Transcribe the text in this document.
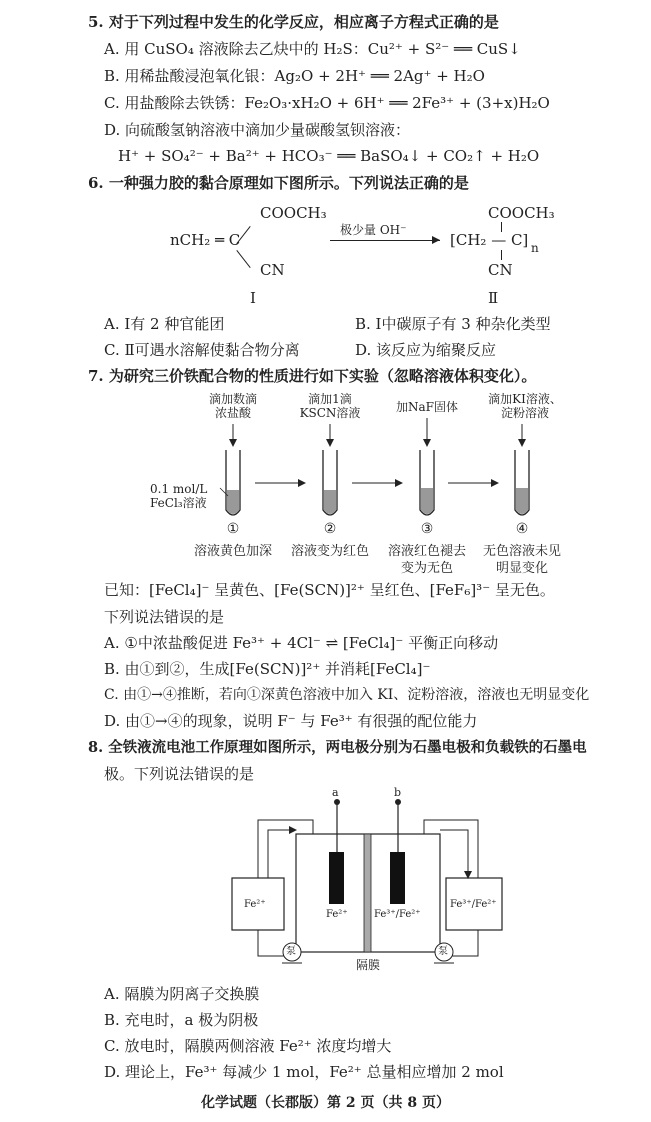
5. 对于下列过程中发生的化学反应，相应离子方程式正确的是
A. 用 CuSO₄ 溶液除去乙炔中的 H₂S：Cu²⁺ + S²⁻ ══ CuS↓
B. 用稀盐酸浸泡氧化银：Ag₂O + 2H⁺ ══ 2Ag⁺ + H₂O
C. 用盐酸除去铁锈：Fe₂O₃·xH₂O + 6H⁺ ══ 2Fe³⁺ + (3+x)H₂O
D. 向硫酸氢钠溶液中滴加少量碳酸氢钡溶液：
H⁺ + SO₄²⁻ + Ba²⁺ + HCO₃⁻ ══ BaSO₄↓ + CO₂↑ + H₂O
6. 一种强力胶的黏合原理如下图所示。下列说法正确的是
COOCH₃
nCH₂ ═ C
CN
极少量 OH⁻
COOCH₃
[CH₂ — C] n
CN
Ⅰ	Ⅱ
A. Ⅰ有 2 种官能团	B. Ⅰ中碳原子有 3 种杂化类型
C. Ⅱ可遇水溶解使黏合物分离	D. 该反应为缩聚反应
7. 为研究三价铁配合物的性质进行如下实验（忽略溶液体积变化）。
滴加数滴
浓盐酸
滴加1滴
KSCN溶液	加NaF固体
滴加KI溶液、
淀粉溶液
0.1 mol/L
FeCl₃溶液
①	②	③	④
溶液黄色加深	溶液变为红色	溶液红色褪去
变为无色
无色溶液未见
明显变化
已知：[FeCl₄]⁻ 呈黄色、[Fe(SCN)]²⁺ 呈红色、[FeF₆]³⁻ 呈无色。
下列说法错误的是
A. ①中浓盐酸促进 Fe³⁺ + 4Cl⁻ ⇌ [FeCl₄]⁻ 平衡正向移动
B. 由①到②，生成[Fe(SCN)]²⁺ 并消耗[FeCl₄]⁻
C. 由①→④推断，若向①深黄色溶液中加入 KI、淀粉溶液，溶液也无明显变化
D. 由①→④的现象，说明 F⁻ 与 Fe³⁺ 有很强的配位能力
8. 全铁液流电池工作原理如图所示，两电极分别为石墨电极和负载铁的石墨电
极。下列说法错误的是
a	b
Fe²⁺
Fe²⁺	Fe³⁺/Fe²⁺
Fe³⁺/Fe²⁺
泵	泵
隔膜
A. 隔膜为阴离子交换膜
B. 充电时，a 极为阴极
C. 放电时，隔膜两侧溶液 Fe²⁺ 浓度均增大
D. 理论上，Fe³⁺ 每减少 1 mol，Fe²⁺ 总量相应增加 2 mol
化学试题（长郡版）第 2 页（共 8 页）
